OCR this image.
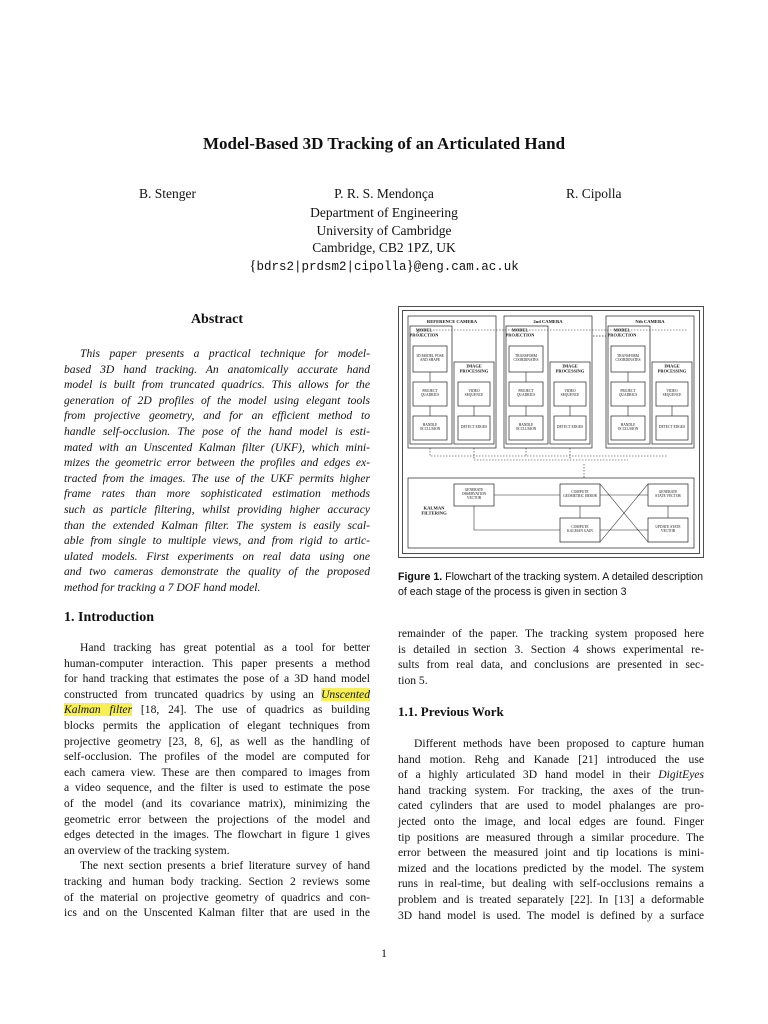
Model-Based 3D Tracking of an Articulated Hand
B. Stenger	P. R. S. Mendonça	R. Cipolla
Department of Engineering
University of Cambridge
Cambridge, CB2 1PZ, UK
{bdrs2|prdsm2|cipolla}@eng.cam.ac.uk
Abstract
This paper presents a practical technique for model-
based 3D hand tracking. An anatomically accurate hand
model is built from truncated quadrics. This allows for the
generation of 2D profiles of the model using elegant tools
from projective geometry, and for an efficient method to
handle self-occlusion. The pose of the hand model is esti-
mated with an Unscented Kalman filter (UKF), which mini-
mizes the geometric error between the profiles and edges ex-
tracted from the images. The use of the UKF permits higher
frame rates than more sophisticated estimation methods
such as particle filtering, whilst providing higher accuracy
than the extended Kalman filter. The system is easily scal-
able from single to multiple views, and from rigid to artic-
ulated models. First experiments on real data using one
and two cameras demonstrate the quality of the proposed
method for tracking a 7 DOF hand model.
1. Introduction
Hand tracking has great potential as a tool for better
human-computer interaction. This paper presents a method
for hand tracking that estimates the pose of a 3D hand model
constructed from truncated quadrics by using an Unscented
Kalman filter [18, 24]. The use of quadrics as building
blocks permits the application of elegant techniques from
projective geometry [23, 8, 6], as well as the handling of
self-occlusion. The profiles of the model are computed for
each camera view. These are then compared to images from
a video sequence, and the filter is used to estimate the pose
of the model (and its covariance matrix), minimizing the
geometric error between the projections of the model and
edges detected in the images. The flowchart in figure 1 gives
an overview of the tracking system.
The next section presents a brief literature survey of hand
tracking and human body tracking. Section 2 reviews some
of the material on projective geometry of quadrics and con-
ics and on the Unscented Kalman filter that are used in the
REFERENCE CAMERA
MODEL PROJECTION
IMAGE PROCESSING
3D MODEL POSE AND SHAPE
PROJECT QUADRICS
HANDLE OCCLUSION
VIDEO SEQUENCE
DETECT EDGES
2nd CAMERA
MODEL PROJECTION
IMAGE PROCESSING
TRANSFORM COORDINATES
PROJECT QUADRICS
HANDLE OCCLUSION
VIDEO SEQUENCE
DETECT EDGES
Nth CAMERA
MODEL PROJECTION
IMAGE PROCESSING
TRANSFORM COORDINATES
PROJECT QUADRICS
HANDLE OCCLUSION
VIDEO SEQUENCE
DETECT EDGES
KALMAN FILTERING
GENERATE OBSERVATION VECTOR
COMPUTE GEOMETRIC ERROR
COMPUTE KALMAN GAIN
GENERATE STATE VECTOR
UPDATE STATE VECTOR
Figure 1. Flowchart of the tracking system. A detailed description of each stage of the process is given in section 3
remainder of the paper. The tracking system proposed here
is detailed in section 3. Section 4 shows experimental re-
sults from real data, and conclusions are presented in sec-
tion 5.
1.1. Previous Work
Different methods have been proposed to capture human
hand motion. Rehg and Kanade [21] introduced the use
of a highly articulated 3D hand model in their DigitEyes
hand tracking system. For tracking, the axes of the trun-
cated cylinders that are used to model phalanges are pro-
jected onto the image, and local edges are found. Finger
tip positions are measured through a similar procedure. The
error between the measured joint and tip locations is mini-
mized and the locations predicted by the model. The system
runs in real-time, but dealing with self-occlusions remains a
problem and is treated separately [22]. In [13] a deformable
3D hand model is used. The model is defined by a surface
1
